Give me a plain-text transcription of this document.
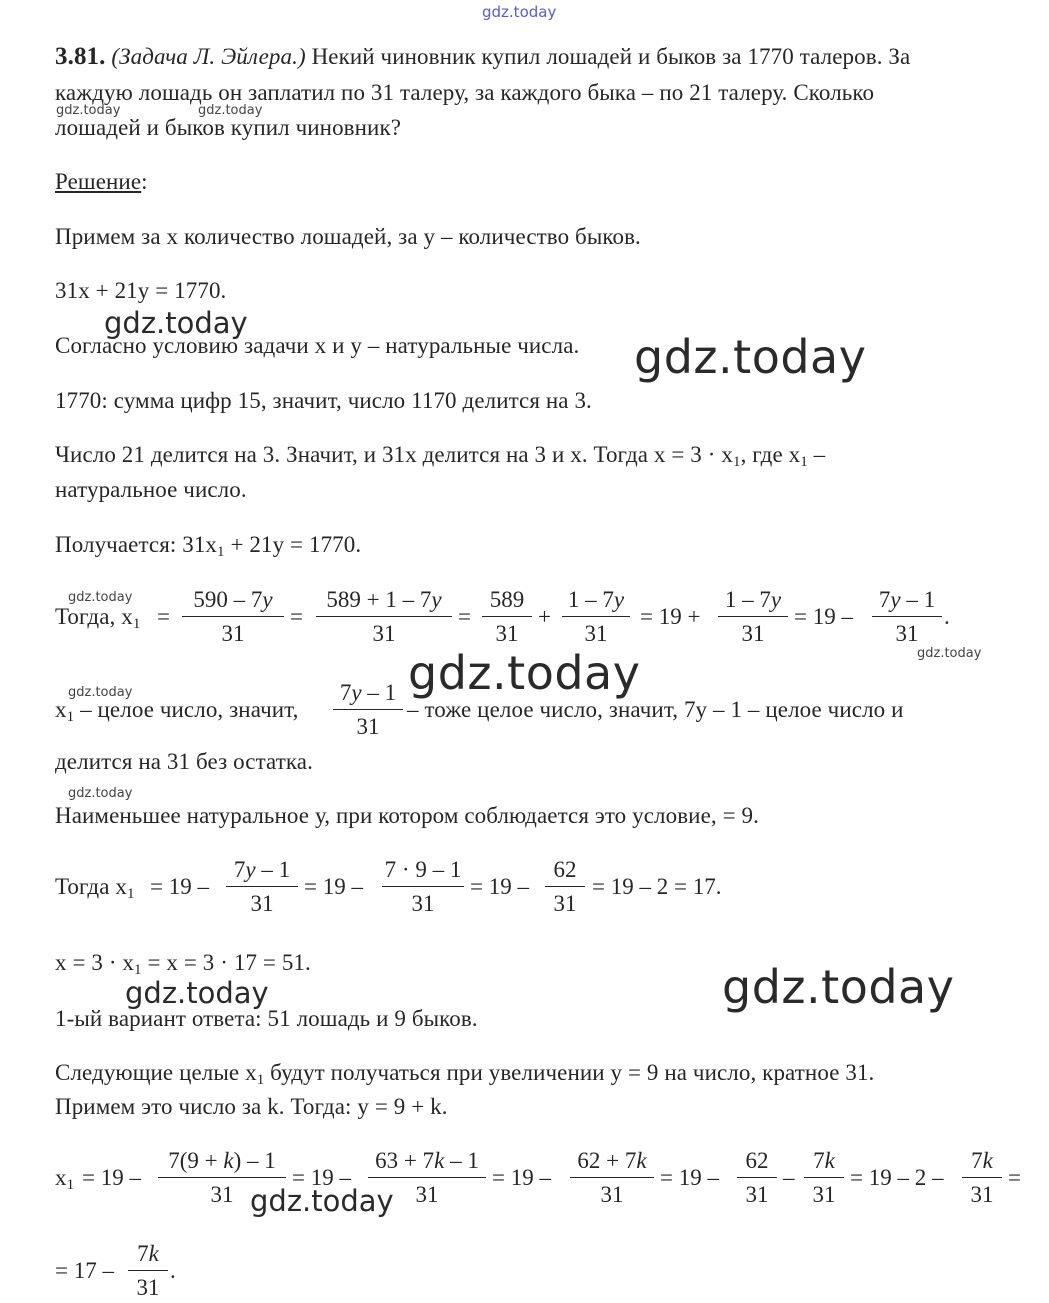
gdz.today
3.81. (Задача Л. Эйлера.) Некий чиновник купил лошадей и быков за 1770 талеров. За
каждую лошадь он заплатил по 31 талеру, за каждого быка – по 21 талеру. Сколько
лошадей и быков купил чиновник?
gdz.today	gdz.today
Решение:
Примем за х количество лошадей, за у – количество быков.
31х + 21у = 1770.
Согласно условию задачи х и у – натуральные числа.
1770: сумма цифр 15, значит, число 1170 делится на 3.
Число 21 делится на 3. Значит, и 31х делится на 3 и х. Тогда $х = 3 \cdot х_1$, где $х_1$ –
натуральное число.
Получается: $31х_1 + 21у = 1770$.
gdz.today
Тогда, $х_1$ =
590 – 7y
31
=
589 + 1 – 7y
31
=
589
31
+
1 – 7y
31
= 19 +
1 – 7y
31
= 19 –
7y – 1
31
.
gdz.today
gdz.today
gdz.today
$х_1$ – целое число, значит,
7y – 1
31
– тоже целое число, значит, 7у – 1 – целое число и
делится на 31 без остатка.
gdz.today
Наименьшее натуральное у, при котором соблюдается это условие, = 9.
Тогда $х_1 = 19$ –
7y – 1
31
= 19 –
7 · 9 – 1
31
= 19 –
62
31
= 19 – 2 = 17.
$х = 3 \cdot х_1 = х = 3 \cdot 17 = 51$.	gdz.today
gdz.today
1-ый вариант ответа: 51 лошадь и 9 быков.
Следующие целые $х_1$ будут получаться при увеличении у = 9 на число, кратное 31.
Примем это число за k. Тогда: у = 9 + k.
$х_1 = 19$ –
7(9 + k) – 1
31
= 19 –
63 + 7k – 1
31
= 19 –
62 + 7k
31
= 19 –
62
31
–
7k
31
= 19 – 2 –
7k
31
=
gdz.today
= 17 –
7k
31
.
gdz.today
gdz.today
